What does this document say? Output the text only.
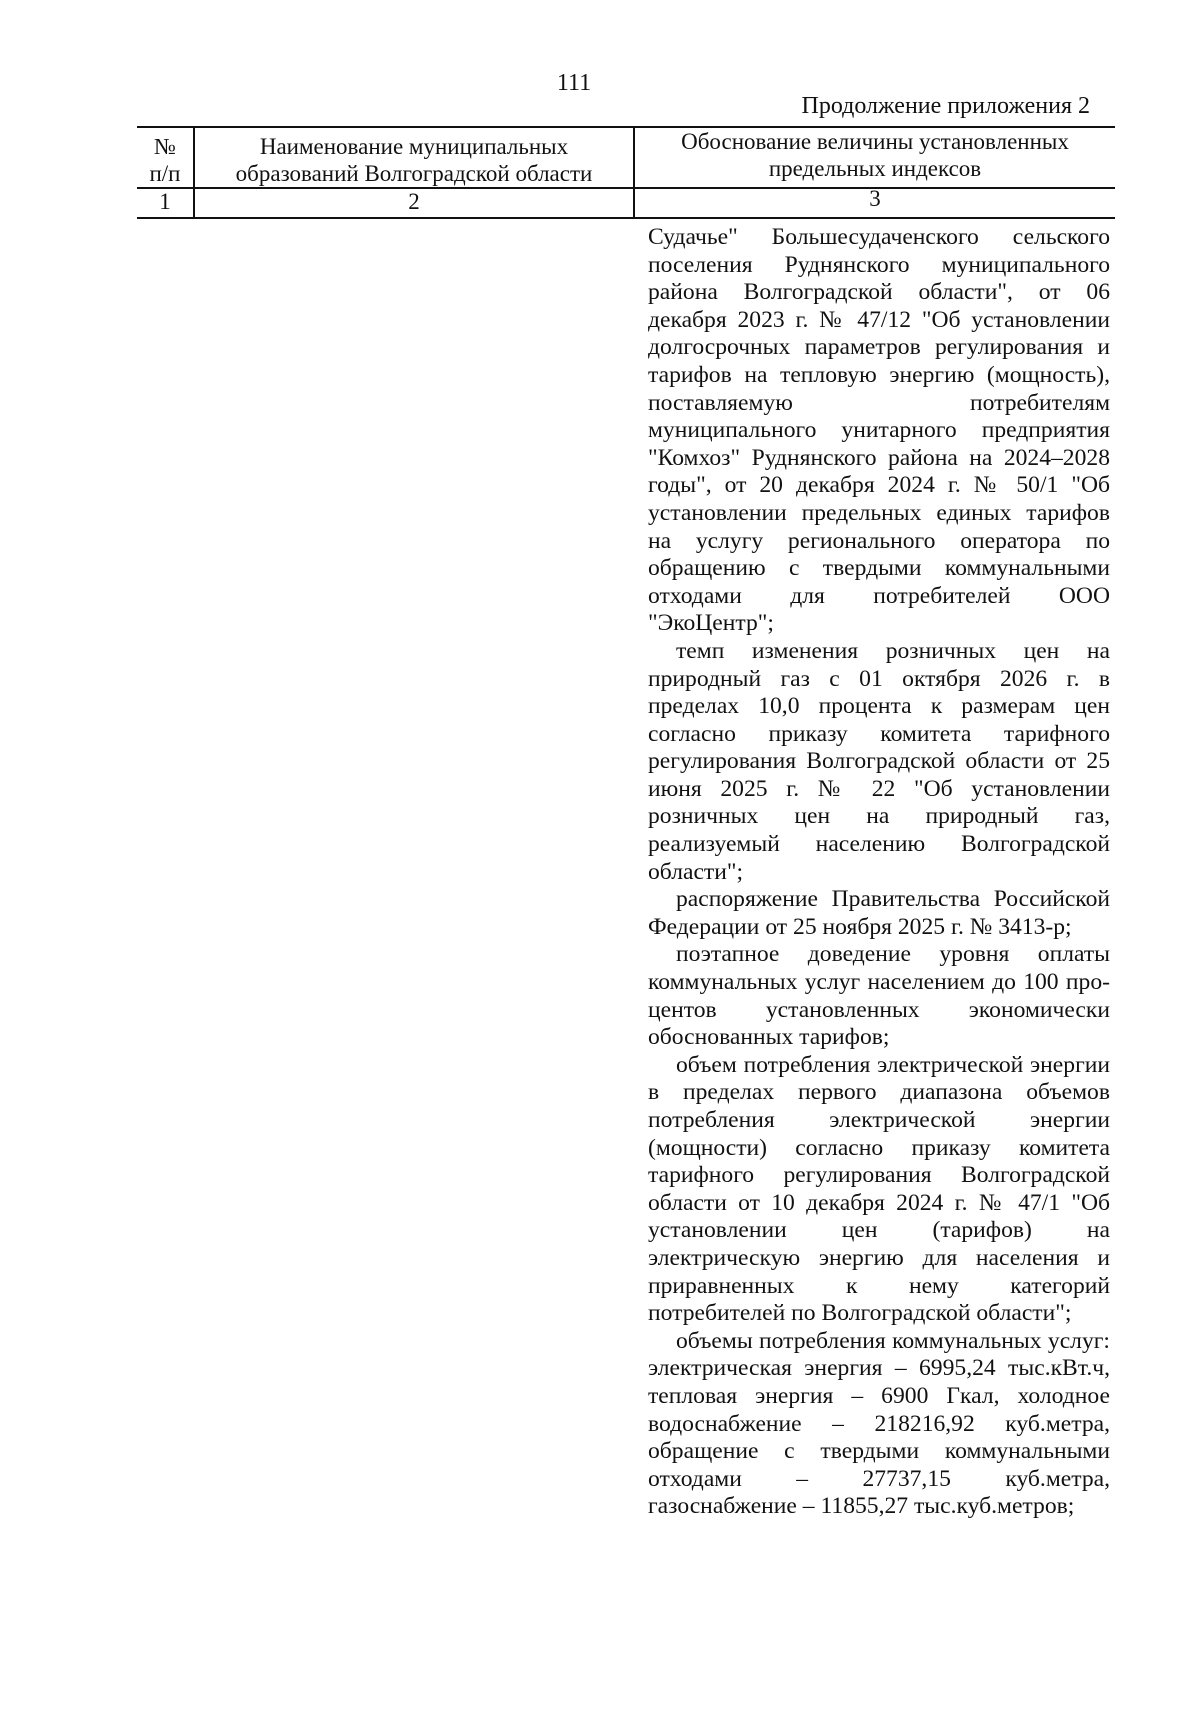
111
Продолжение приложения 2
№
п/п
Наименование муниципальных
образований Волгоградской области
Обоснование величины установленных
предельных индексов
1	2	3

Судачье" Большесудаченского сельского поселения Руднянского муниципального района Волгоградской области", от 06 декабря 2023 г. № 47/12 "Об установлении долгосрочных параметров регулирования и тарифов на тепловую энергию (мощность), поставляемую потребителям муниципального унитарного предприятия "Комхоз" Руднянского района на 2024–2028 годы", от 20 декабря 2024 г. № 50/1 "Об установлении предельных единых тарифов на услугу регионального оператора по обращению с твердыми коммунальными отходами для потребителей ООО "ЭкоЦентр";

темп изменения розничных цен на природный газ с 01 октября 2026 г. в пределах 10,0 процента к размерам цен согласно приказу комитета тарифного регулирования Волгоградской области от 25 июня 2025 г. № 22 "Об установлении розничных цен на природный газ, реализуемый населению Волгоградской области";

распоряжение Правительства Российской Федерации от 25 ноября 2025 г. № 3413-р;

поэтапное доведение уровня оплаты коммунальных услуг населением до 100 процентов установленных экономически обоснованных тарифов;

объем потребления электрической энергии в пределах первого диапазона объемов потребления электрической энергии (мощности) согласно приказу комитета тарифного регулирования Волгоградской области от 10 декабря 2024 г. № 47/1 "Об установлении цен (тарифов) на электрическую энергию для населения и приравненных к нему категорий потребителей по Волгоградской области";

объемы потребления коммунальных услуг: электрическая энергия – 6995,24 тыс.кВт.ч, тепловая энергия – 6900 Гкал, холодное водоснабжение – 218216,92 куб.метра, обращение с твердыми коммунальными отходами – 27737,15 куб.метра, газоснабжение – 11855,27 тыс.куб.метров;
